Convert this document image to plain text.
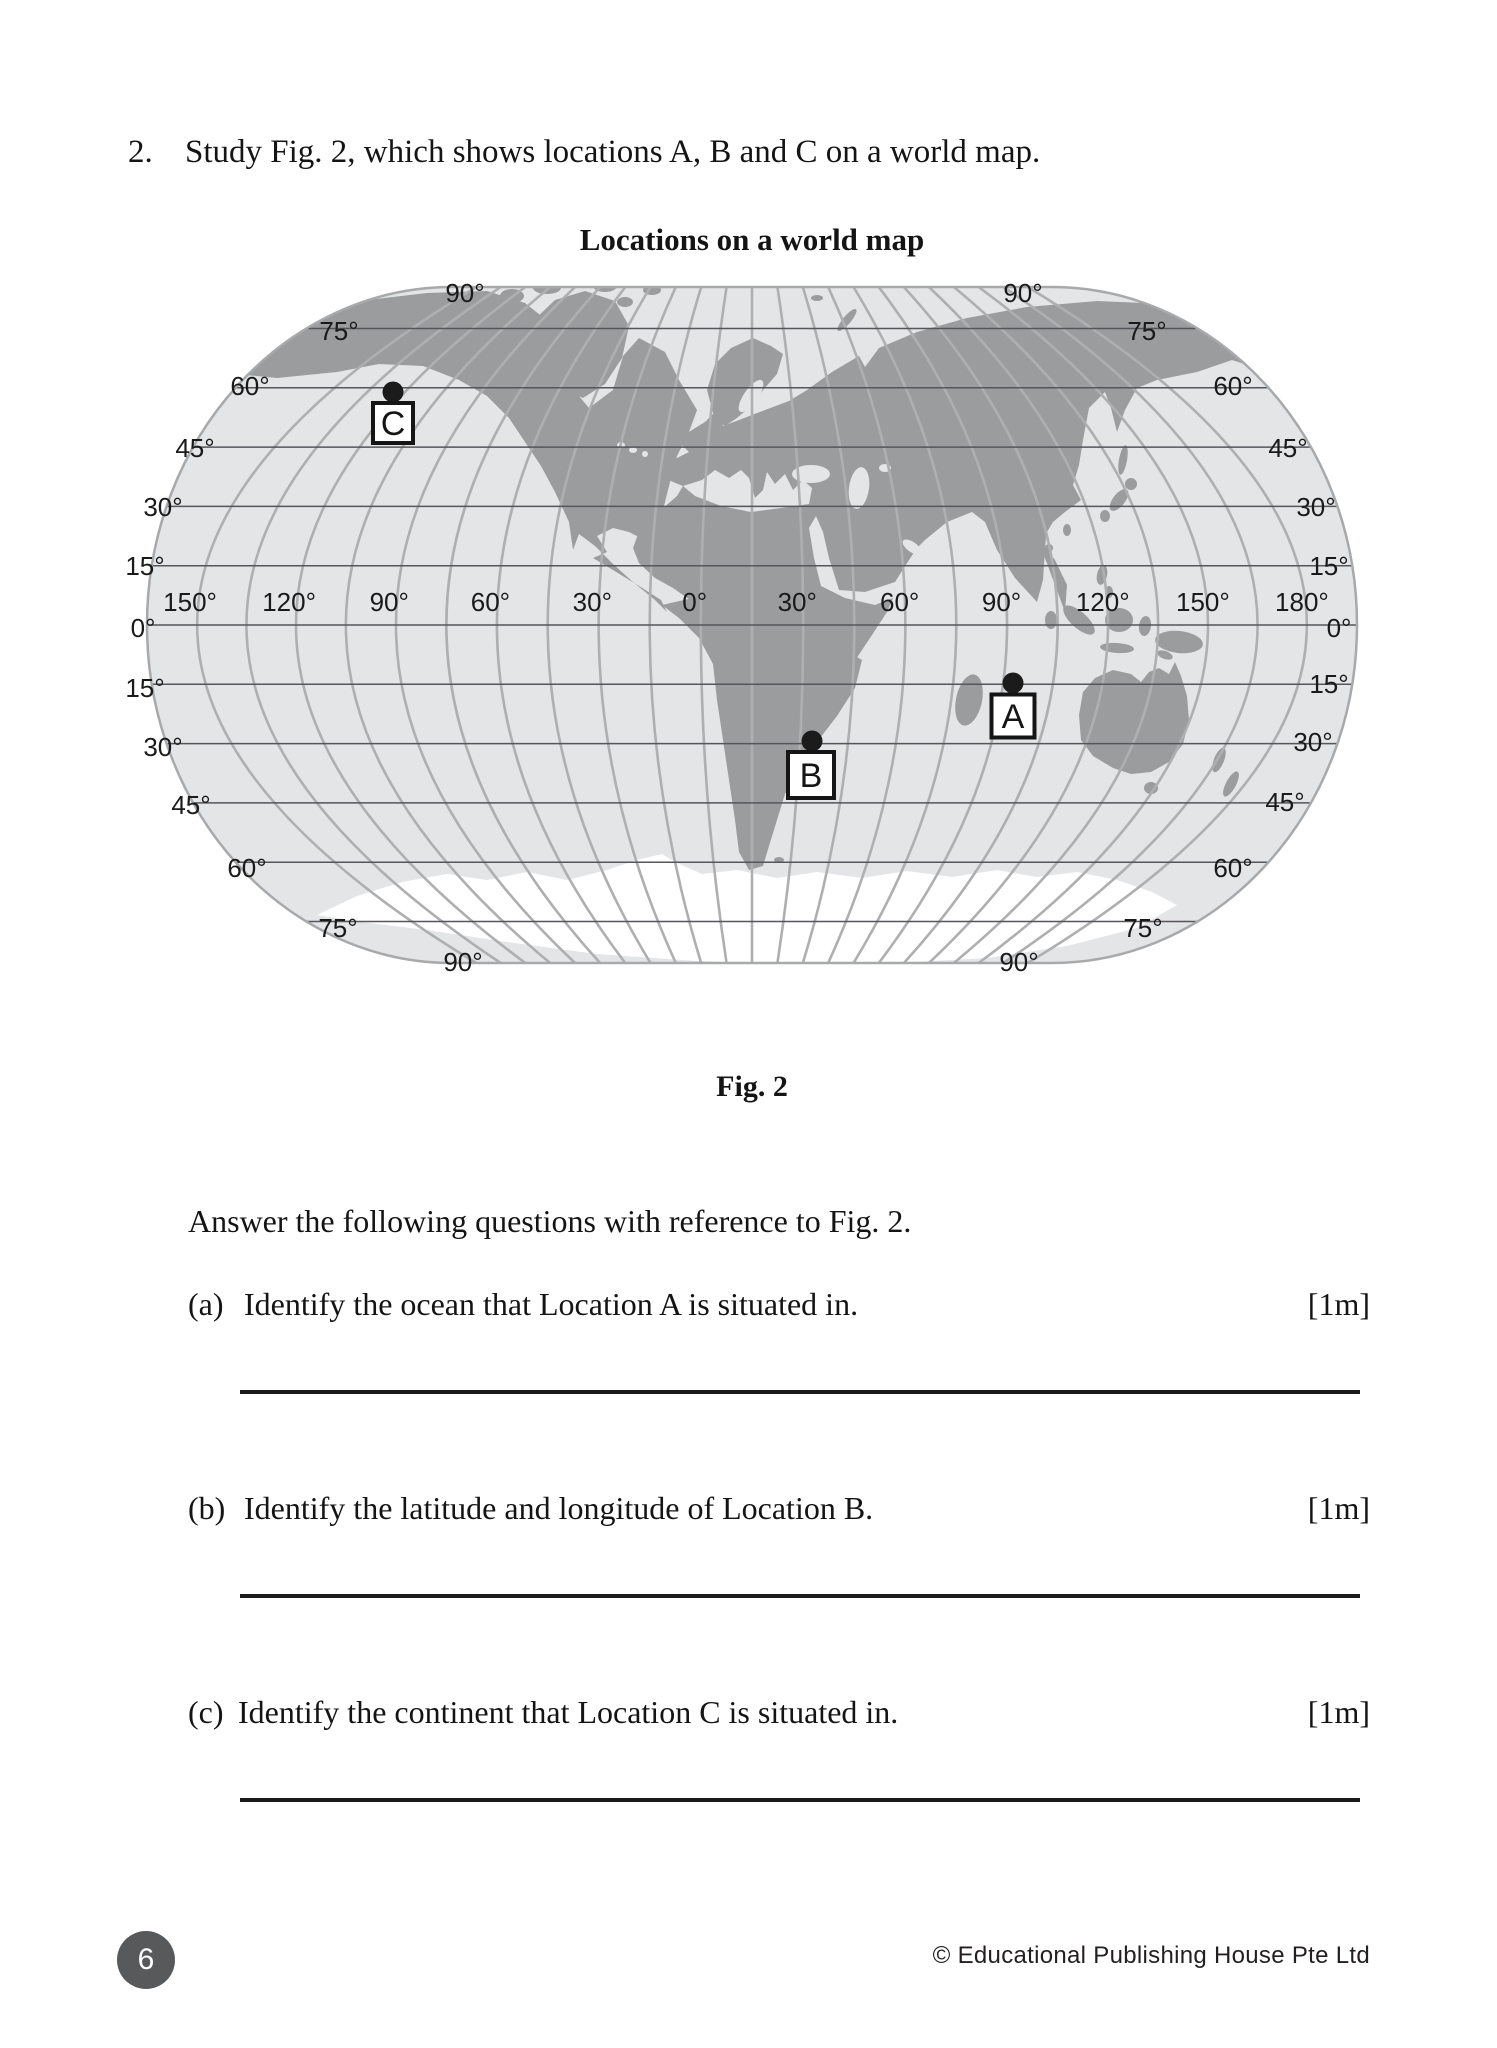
2. Study Fig. 2, which shows locations A, B and C on a world map.
Locations on a world map
90°
75°
60°
45°
30°
15°
0°
15°
30°
45°
60°
75°
90°
90°
75°
60°
45°
30°
15°
0°
15°
30°
45°
60°
75°
90°
150° 120° 90° 60° 30°	0°	30° 60° 90° 120° 150° 180°
A
B
C
Fig. 2
Answer the following questions with reference to Fig. 2.
(a) Identify the ocean that Location A is situated in.	[1m]
(b) Identify the latitude and longitude of Location B.	[1m]
(c) Identify the continent that Location C is situated in.	[1m]
6	© Educational Publishing House Pte Ltd
